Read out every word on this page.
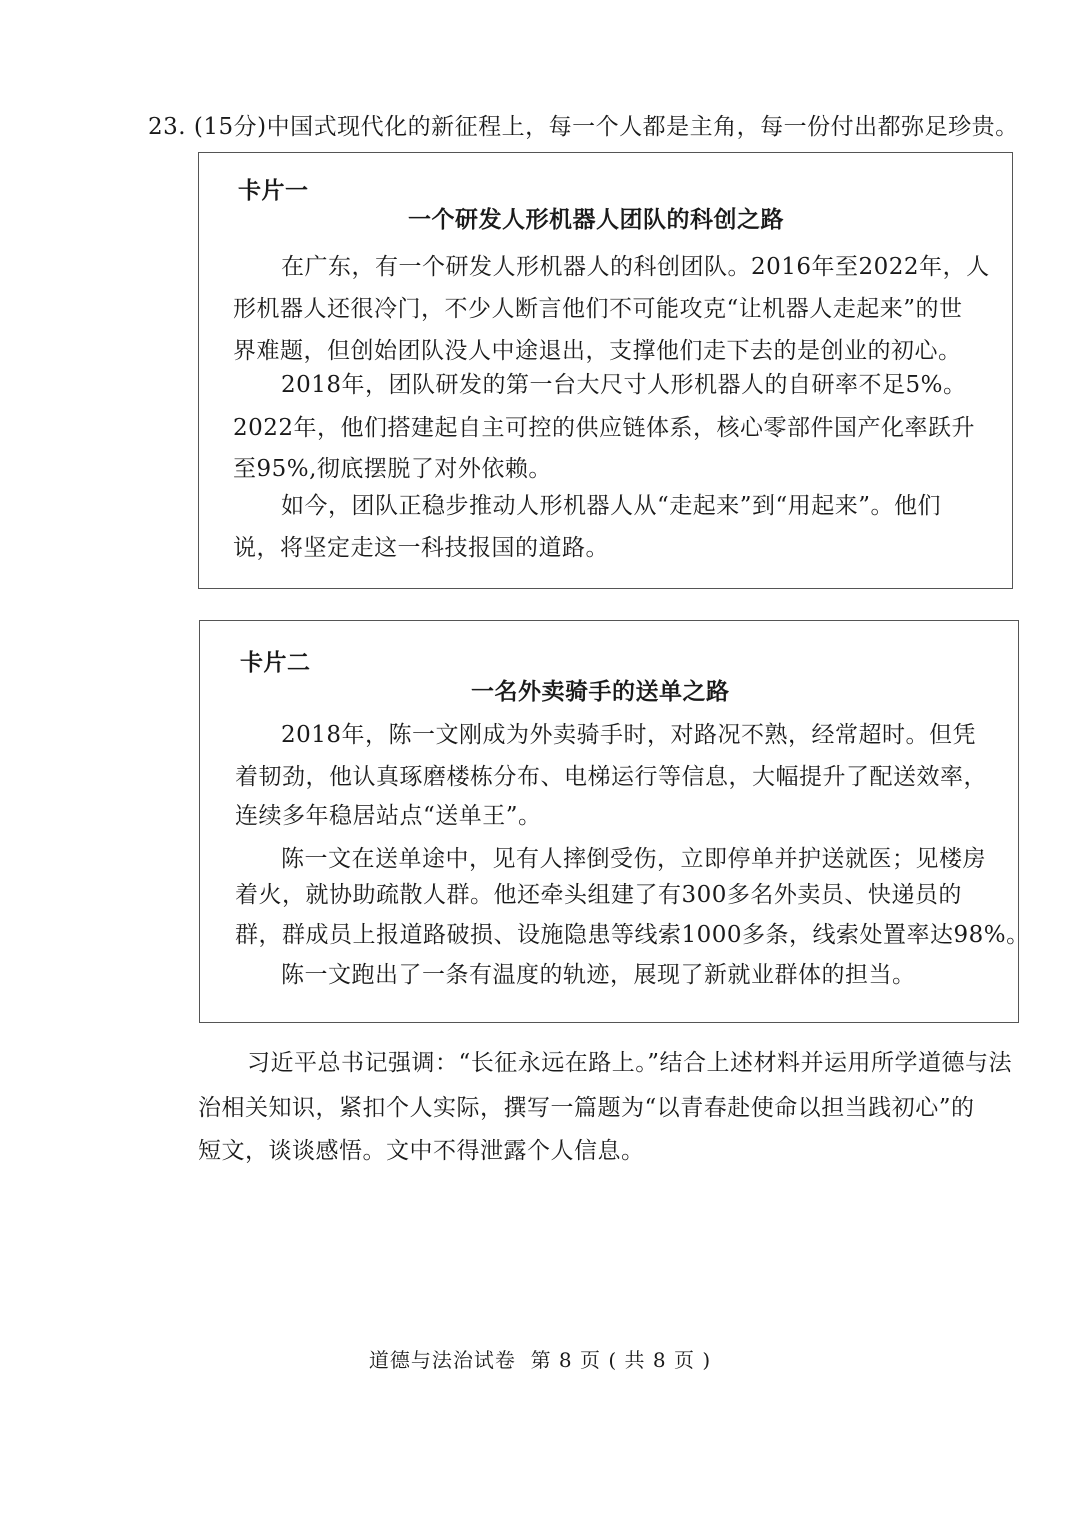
23. (15分)中国式现代化的新征程上，每一个人都是主角，每一份付出都弥足珍贵。
卡片一
一个研发人形机器人团队的科创之路
在广东，有一个研发人形机器人的科创团队。2016年至2022年，人
形机器人还很冷门，不少人断言他们不可能攻克“让机器人走起来”的世
界难题，但创始团队没人中途退出，支撑他们走下去的是创业的初心。
2018年，团队研发的第一台大尺寸人形机器人的自研率不足5%。
2022年，他们搭建起自主可控的供应链体系，核心零部件国产化率跃升
至95%,彻底摆脱了对外依赖。
如今，团队正稳步推动人形机器人从“走起来”到“用起来”。他们
说，将坚定走这一科技报国的道路。
卡片二
一名外卖骑手的送单之路
2018年，陈一文刚成为外卖骑手时，对路况不熟，经常超时。但凭
着韧劲，他认真琢磨楼栋分布、电梯运行等信息，大幅提升了配送效率，
连续多年稳居站点“送单王”。
陈一文在送单途中，见有人摔倒受伤，立即停单并护送就医；见楼房
着火，就协助疏散人群。他还牵头组建了有300多名外卖员、快递员的
群，群成员上报道路破损、设施隐患等线索1000多条，线索处置率达98%。
陈一文跑出了一条有温度的轨迹，展现了新就业群体的担当。
习近平总书记强调：“长征永远在路上。”结合上述材料并运用所学道德与法
治相关知识，紧扣个人实际，撰写一篇题为“以青春赴使命以担当践初心”的
短文，谈谈感悟。文中不得泄露个人信息。
道德与法治试卷  第 8 页 ( 共 8 页 )
